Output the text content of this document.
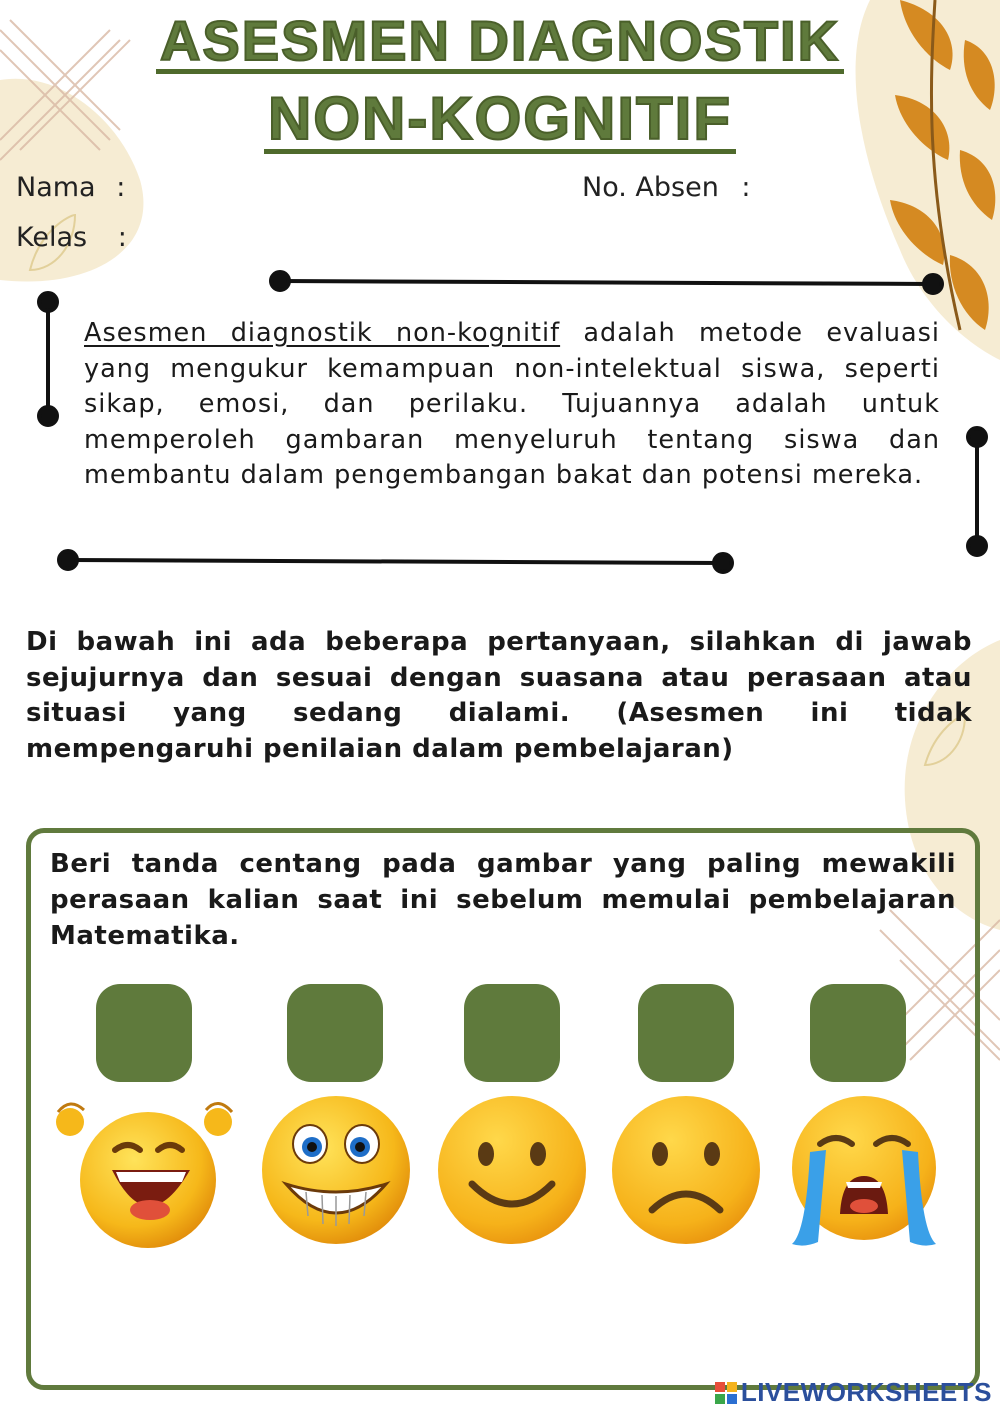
ASESMEN DIAGNOSTIK
NON-KOGNITIF
Nama :
Kelas :
No. Absen :
Asesmen diagnostik non-kognitif adalah metode evaluasi yang mengukur kemampuan non-intelektual siswa, seperti sikap, emosi, dan perilaku. Tujuannya adalah untuk memperoleh gambaran menyeluruh tentang siswa dan membantu dalam pengembangan bakat dan potensi mereka.
Di bawah ini ada beberapa pertanyaan, silahkan di jawab sejujurnya dan sesuai dengan suasana atau perasaan atau situasi yang sedang dialami. (Asesmen ini tidak mempengaruhi penilaian dalam pembelajaran)
Beri tanda centang pada gambar yang paling mewakili perasaan kalian saat ini sebelum memulai pembelajaran Matematika.
LIVEWORKSHEETS
